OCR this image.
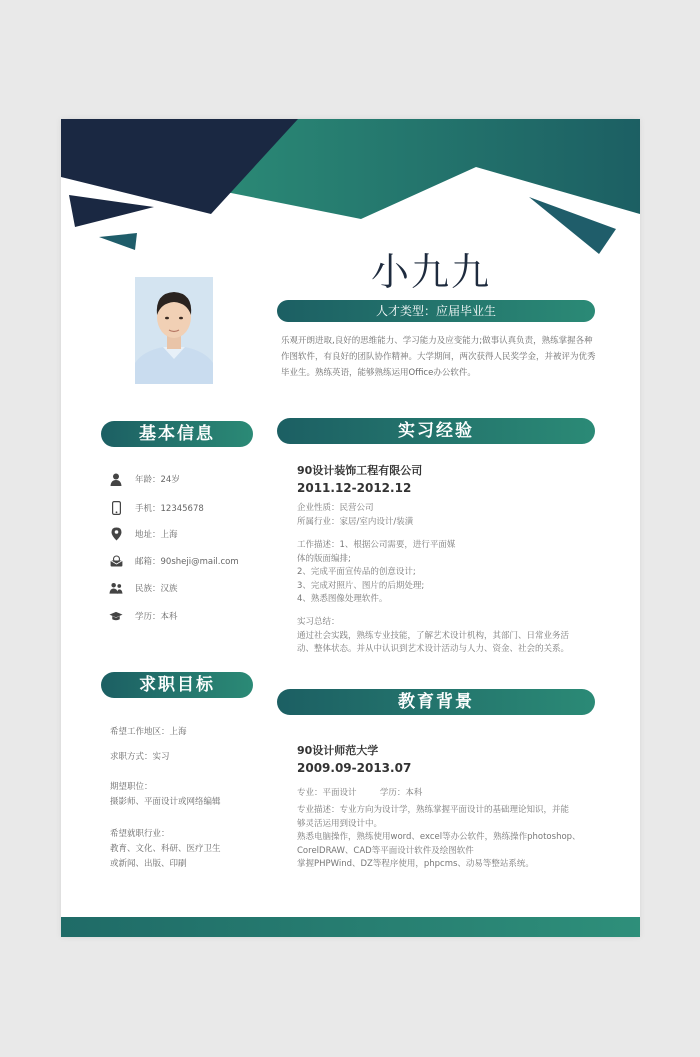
小九九
人才类型：应届毕业生
乐观开朗进取,良好的思维能力、学习能力及应变能力;做事认真负责，熟练掌握各种作图软件，有良好的团队协作精神。大学期间，两次获得人民奖学金，并被评为优秀毕业生。熟练英语，能够熟练运用Office办公软件。
基本信息
年龄：24岁
手机：12345678
地址：上海
邮箱：90sheji@mail.com
民族：汉族
学历：本科
求职目标
希望工作地区：上海
求职方式：实习
期望职位：
摄影师、平面设计或网络编辑
希望就职行业：
教育、文化、科研、医疗卫生
或新闻、出版、印刷
实习经验
90设计装饰工程有限公司
2011.12-2012.12
企业性质：民营公司
所属行业：家居/室内设计/装潢
工作描述：1、根据公司需要，进行平面媒
体的版面编排;
2、完成平面宣传品的创意设计;
3、完成对照片、图片的后期处理;
4、熟悉图像处理软件。
实习总结：
通过社会实践，熟练专业技能，了解艺术设计机构，其部门、日常业务活
动、整体状态。并从中认识到艺术设计活动与人力、资金、社会的关系。
教育背景
90设计师范大学
2009.09-2013.07
专业：平面设计	学历：本科
专业描述：专业方向为设计学，熟练掌握平面设计的基础理论知识，并能
够灵活运用到设计中。
熟悉电脑操作，熟练使用word、excel等办公软件，熟练操作photoshop、
CorelDRAW、CAD等平面设计软件及绘图软件
掌握PHPWind、DZ等程序使用，phpcms、动易等整站系统。
